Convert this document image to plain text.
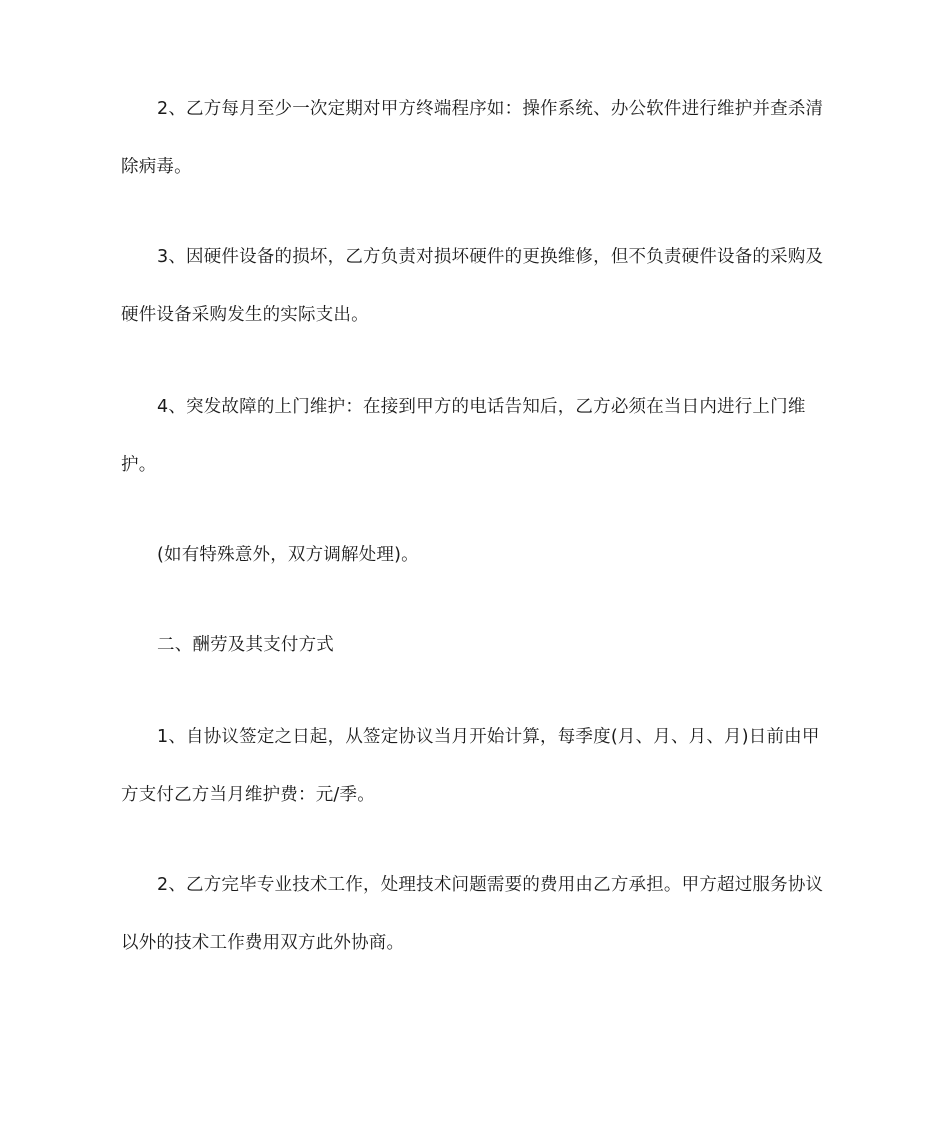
2、乙方每月至少一次定期对甲方终端程序如：操作系统、办公软件进行维护并查杀清除病毒。

3、因硬件设备的损坏，乙方负责对损坏硬件的更换维修，但不负责硬件设备的采购及硬件设备采购发生的实际支出。

4、突发故障的上门维护：在接到甲方的电话告知后，乙方必须在当日内进行上门维护。

(如有特殊意外，双方调解处理)。

二、酬劳及其支付方式

1、自协议签定之日起，从签定协议当月开始计算，每季度(月、月、月、月)日前由甲方支付乙方当月维护费：元/季。

2、乙方完毕专业技术工作，处理技术问题需要的费用由乙方承担。甲方超过服务协议以外的技术工作费用双方此外协商。
